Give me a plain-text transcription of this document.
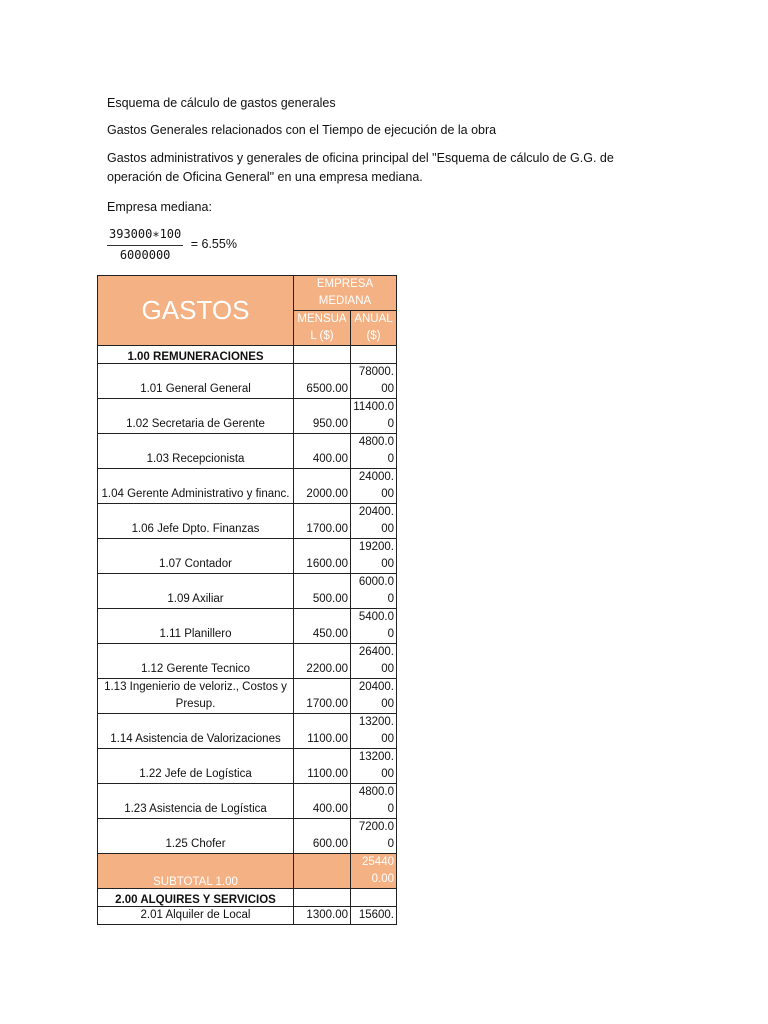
Esquema de cálculo de gastos generales
Gastos Generales relacionados con el Tiempo de ejecución de la obra
Gastos administrativos y generales de oficina principal del "Esquema de cálculo de G.G. de operación de Oficina General" en una empresa mediana.
Empresa mediana:
$\frac{393000∗100}{6000000} = 6.55\%$
GASTOS	EMPRESA MEDIANA	
	MENSUAL ($)	ANUAL ($)
1.00 REMUNERACIONES		
1.01 General General	6500.00	78000.00
1.02 Secretaria de Gerente	950.00	11400.00
1.03 Recepcionista	400.00	4800.00
1.04 Gerente Administrativo y financ.	2000.00	24000.00
1.06 Jefe Dpto. Finanzas	1700.00	20400.00
1.07 Contador	1600.00	19200.00
1.09 Axiliar	500.00	6000.00
1.11 Planillero	450.00	5400.00
1.12 Gerente Tecnico	2200.00	26400.00
1.13 Ingenierio de veloriz., Costos y Presup.	1700.00	20400.00
1.14 Asistencia de Valorizaciones	1100.00	13200.00
1.22 Jefe de Logística	1100.00	13200.00
1.23 Asistencia de Logística	400.00	4800.00
1.25 Chofer	600.00	7200.00
SUBTOTAL 1.00		254400.00
2.00 ALQUIRES Y SERVICIOS		
2.01 Alquiler de Local	1300.00	15600.
